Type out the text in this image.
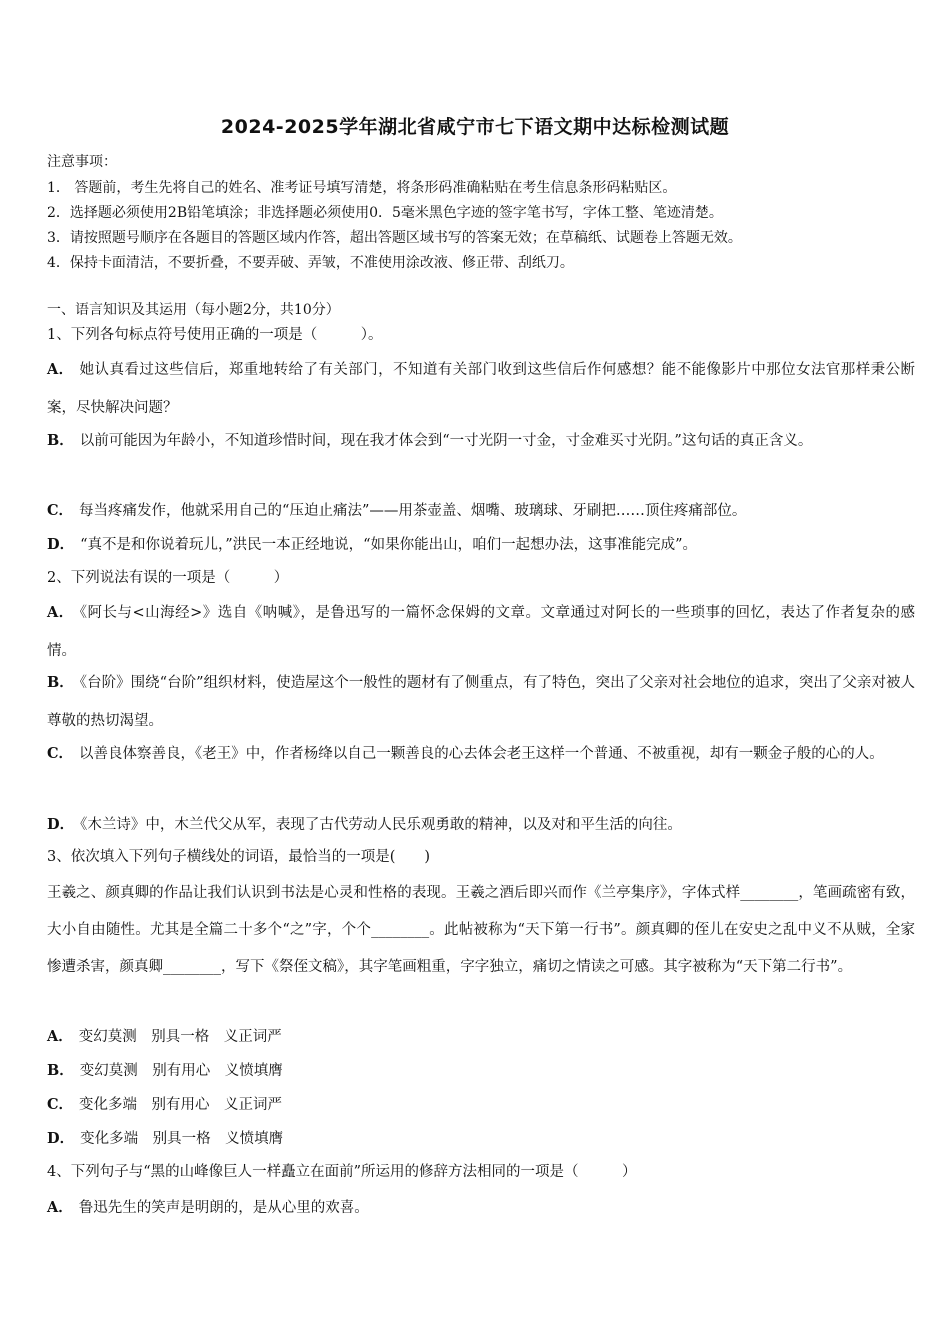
2024-2025学年湖北省咸宁市七下语文期中达标检测试题
注意事项：
1． 答题前，考生先将自己的姓名、准考证号填写清楚，将条形码准确粘贴在考生信息条形码粘贴区。
2．选择题必须使用2B铅笔填涂；非选择题必须使用0．5毫米黑色字迹的签字笔书写，字体工整、笔迹清楚。
3．请按照题号顺序在各题目的答题区域内作答，超出答题区域书写的答案无效；在草稿纸、试题卷上答题无效。
4．保持卡面清洁，不要折叠，不要弄破、弄皱，不准使用涂改液、修正带、刮纸刀。
一、语言知识及其运用（每小题2分，共10分）
1、下列各句标点符号使用正确的一项是（　　　）。
A． 她认真看过这些信后，郑重地转给了有关部门，不知道有关部门收到这些信后作何感想？能不能像影片中那位女法官那样秉公断案，尽快解决问题？
B． 以前可能因为年龄小，不知道珍惜时间，现在我才体会到“一寸光阴一寸金，寸金难买寸光阴。”这句话的真正含义。
C． 每当疼痛发作，他就采用自己的“压迫止痛法”——用茶壶盖、烟嘴、玻璃球、牙刷把……顶住疼痛部位。
D． “真不是和你说着玩儿，”洪民一本正经地说，“如果你能出山，咱们一起想办法，这事准能完成”。
2、下列说法有误的一项是（　　　）
A． 《阿长与<山海经>》选自《呐喊》，是鲁迅写的一篇怀念保姆的文章。文章通过对阿长的一些琐事的回忆，表达了作者复杂的感情。
B． 《台阶》围绕“台阶”组织材料，使造屋这个一般性的题材有了侧重点，有了特色，突出了父亲对社会地位的追求，突出了父亲对被人尊敬的热切渴望。
C． 以善良体察善良，《老王》中，作者杨绛以自己一颗善良的心去体会老王这样一个普通、不被重视，却有一颗金子般的心的人。
D． 《木兰诗》中，木兰代父从军，表现了古代劳动人民乐观勇敢的精神，以及对和平生活的向往。
3、依次填入下列句子横线处的词语，最恰当的一项是(　　)
王羲之、颜真卿的作品让我们认识到书法是心灵和性格的表现。王羲之酒后即兴而作《兰亭集序》，字体式样________，笔画疏密有致，大小自由随性。尤其是全篇二十多个“之”字，个个________。此帖被称为“天下第一行书”。颜真卿的侄儿在安史之乱中义不从贼，全家惨遭杀害，颜真卿________，写下《祭侄文稿》，其字笔画粗重，字字独立，痛切之情读之可感。其字被称为“天下第二行书”。
A． 变幻莫测　别具一格　义正词严
B． 变幻莫测　别有用心　义愤填膺
C． 变化多端　别有用心　义正词严
D． 变化多端　别具一格　义愤填膺
4、下列句子与“黑的山峰像巨人一样矗立在面前”所运用的修辞方法相同的一项是（　　　）
A． 鲁迅先生的笑声是明朗的，是从心里的欢喜。
